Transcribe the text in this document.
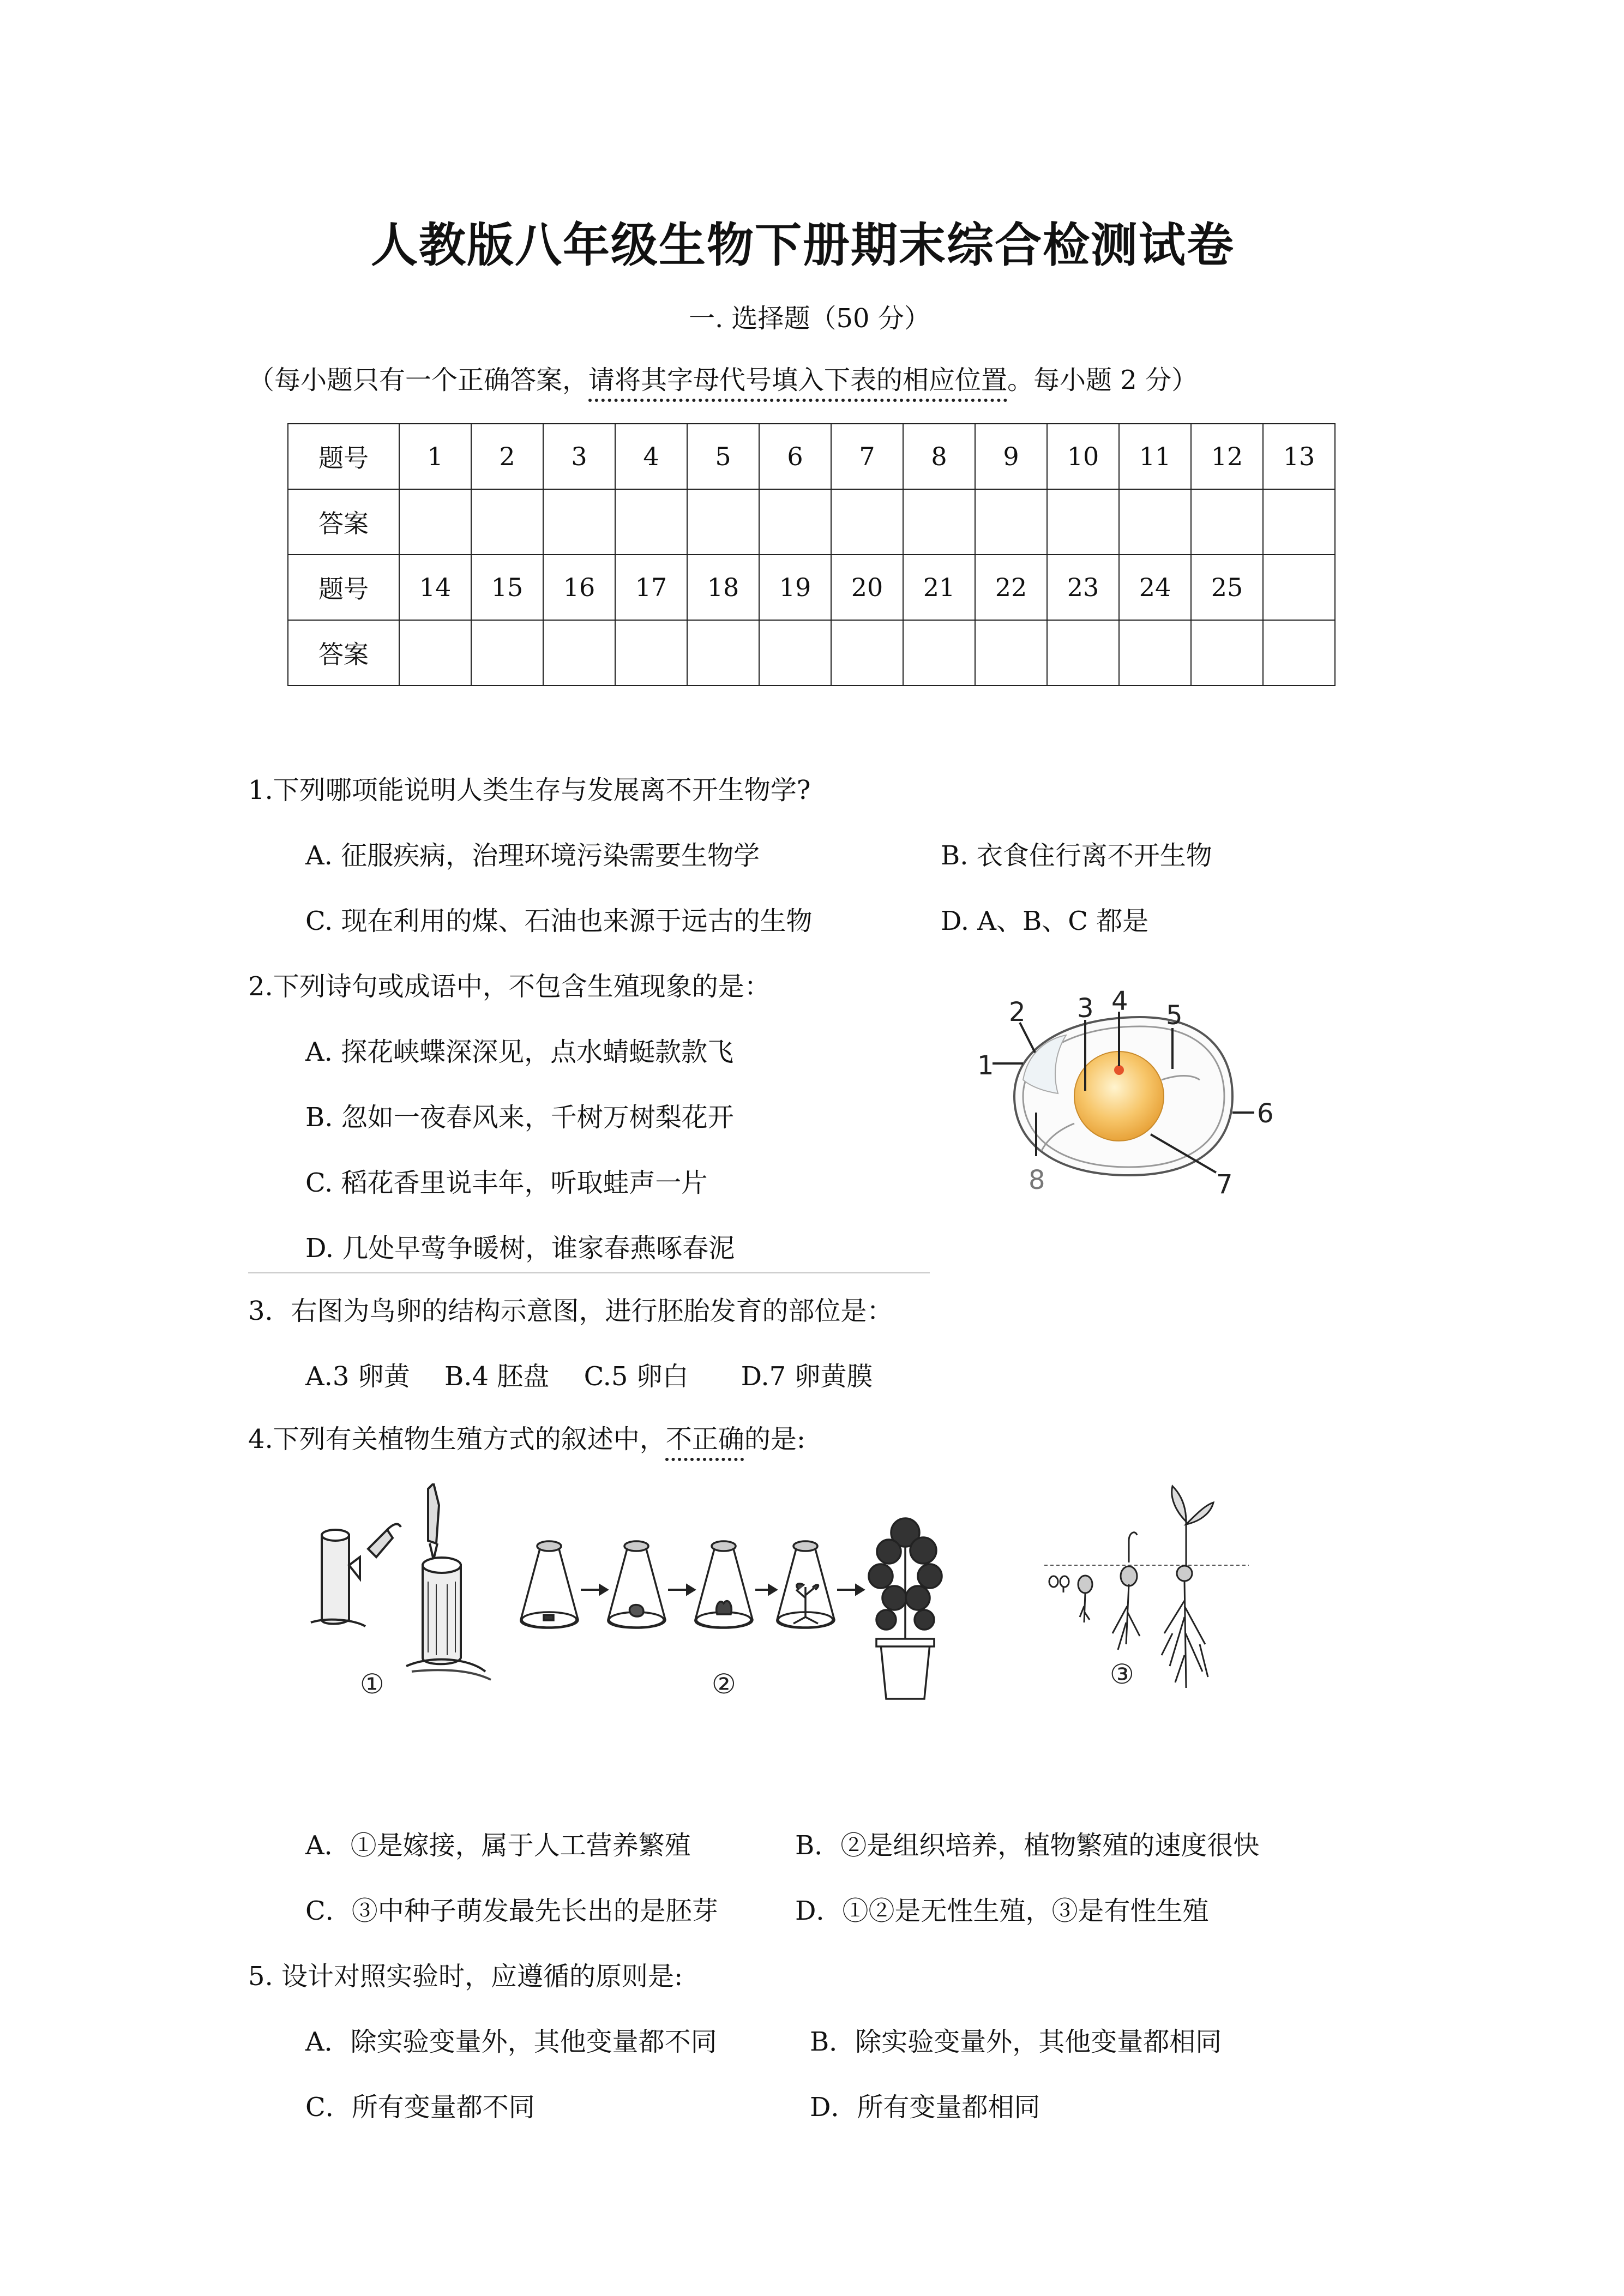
人教版八年级生物下册期末综合检测试卷
一. 选择题（50 分）
（每小题只有一个正确答案，请将其字母代号填入下表的相应位置。每小题 2 分）
题号	1	2	3	4	5	6	7	8	9	10	11	12	13
答案													
题号	14	15	16	17	18	19	20	21	22	23	24	25	
答案													
1.下列哪项能说明人类生存与发展离不开生物学?
A. 征服疾病，治理环境污染需要生物学	B. 衣食住行离不开生物
C. 现在利用的煤、石油也来源于远古的生物	D. A、B、C 都是
2.下列诗句或成语中，不包含生殖现象的是：
A. 探花峡蝶深深见，点水蜻蜓款款飞
B. 忽如一夜春风来，千树万树梨花开
C. 稻花香里说丰年，听取蛙声一片
D. 几处早莺争暖树，谁家春燕啄春泥
1
2 3 4 5
6
7
8
3．右图为鸟卵的结构示意图，进行胚胎发育的部位是：
A.3 卵黄　 B.4 胚盘　 C.5 卵白　　D.7 卵黄膜
4.下列有关植物生殖方式的叙述中，不正确的是:
①	②	③
A．①是嫁接，属于人工营养繁殖	B．②是组织培养，植物繁殖的速度很快
C．③中种子萌发最先长出的是胚芽	D．①②是无性生殖，③是有性生殖
5. 设计对照实验时，应遵循的原则是:
A．除实验变量外，其他变量都不同	B．除实验变量外，其他变量都相同
C．所有变量都不同	D．所有变量都相同
